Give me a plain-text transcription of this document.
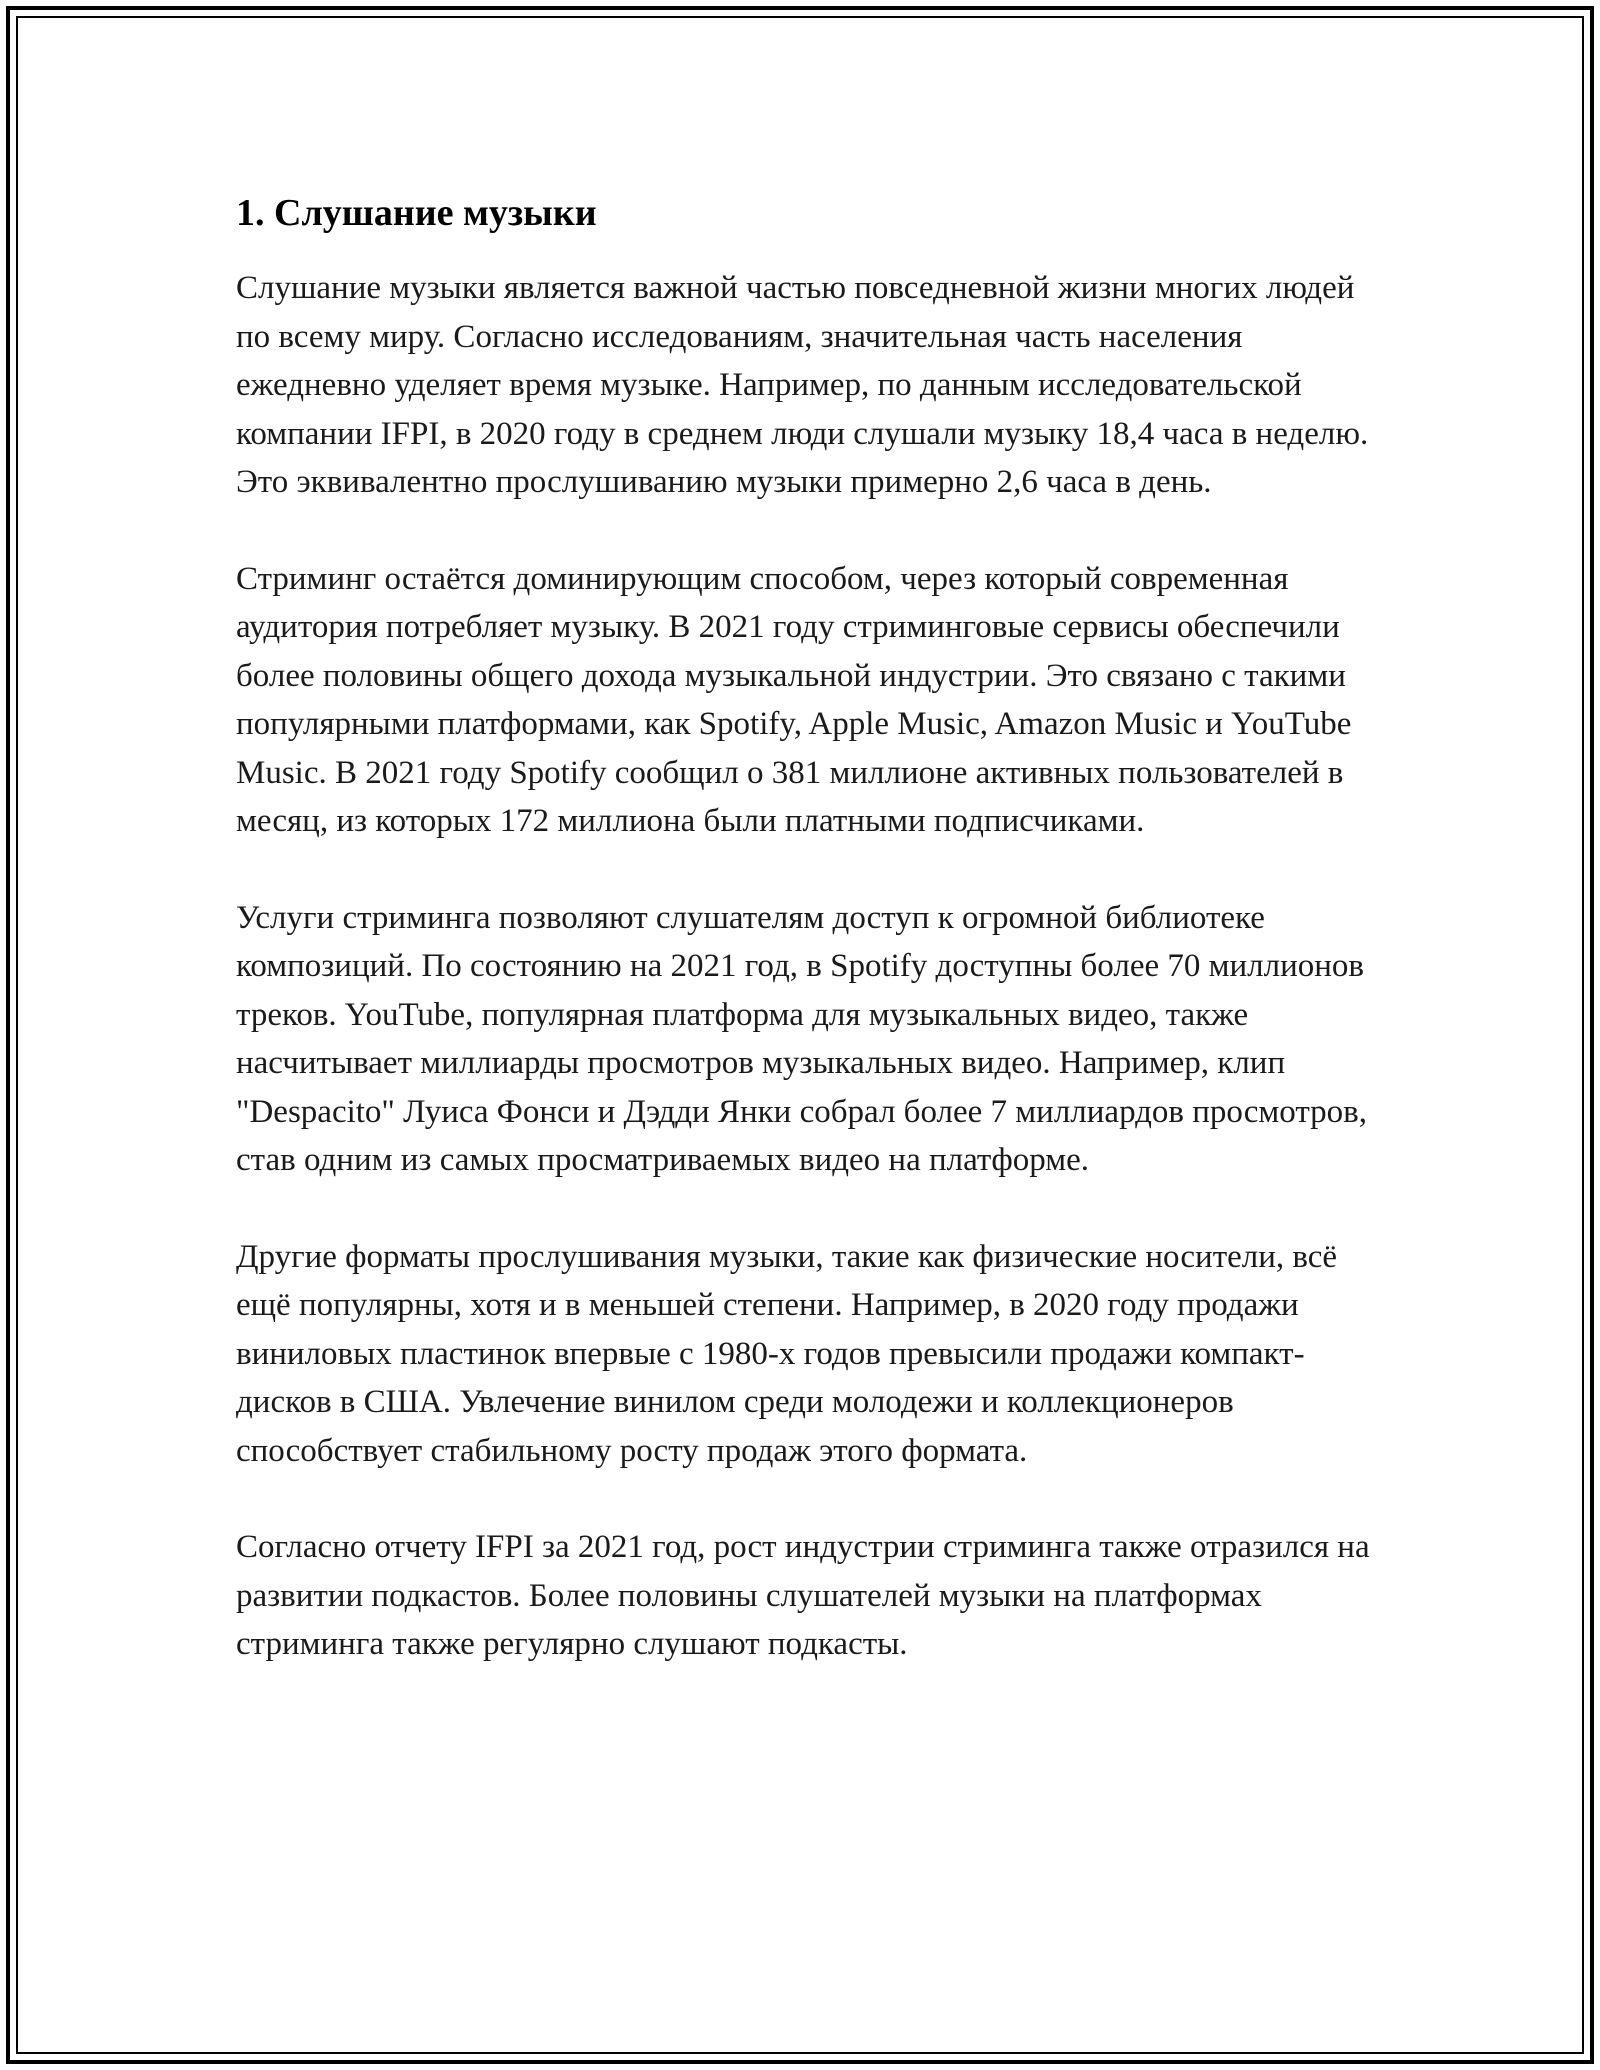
1. Слушание музыки

Слушание музыки является важной частью повседневной жизни многих людей по всему миру. Согласно исследованиям, значительная часть населения ежедневно уделяет время музыке. Например, по данным исследовательской компании IFPI, в 2020 году в среднем люди слушали музыку 18,4 часа в неделю. Это эквивалентно прослушиванию музыки примерно 2,6 часа в день.

Стриминг остаётся доминирующим способом, через который современная аудитория потребляет музыку. В 2021 году стриминговые сервисы обеспечили более половины общего дохода музыкальной индустрии. Это связано с такими популярными платформами, как Spotify, Apple Music, Amazon Music и YouTube Music. В 2021 году Spotify сообщил о 381 миллионе активных пользователей в месяц, из которых 172 миллиона были платными подписчиками.

Услуги стриминга позволяют слушателям доступ к огромной библиотеке композиций. По состоянию на 2021 год, в Spotify доступны более 70 миллионов треков. YouTube, популярная платформа для музыкальных видео, также насчитывает миллиарды просмотров музыкальных видео. Например, клип "Despacito" Луиса Фонси и Дэдди Янки собрал более 7 миллиардов просмотров, став одним из самых просматриваемых видео на платформе.

Другие форматы прослушивания музыки, такие как физические носители, всё ещё популярны, хотя и в меньшей степени. Например, в 2020 году продажи виниловых пластинок впервые с 1980-х годов превысили продажи компакт-дисков в США. Увлечение винилом среди молодежи и коллекционеров способствует стабильному росту продаж этого формата.

Согласно отчету IFPI за 2021 год, рост индустрии стриминга также отразился на развитии подкастов. Более половины слушателей музыки на платформах стриминга также регулярно слушают подкасты.
